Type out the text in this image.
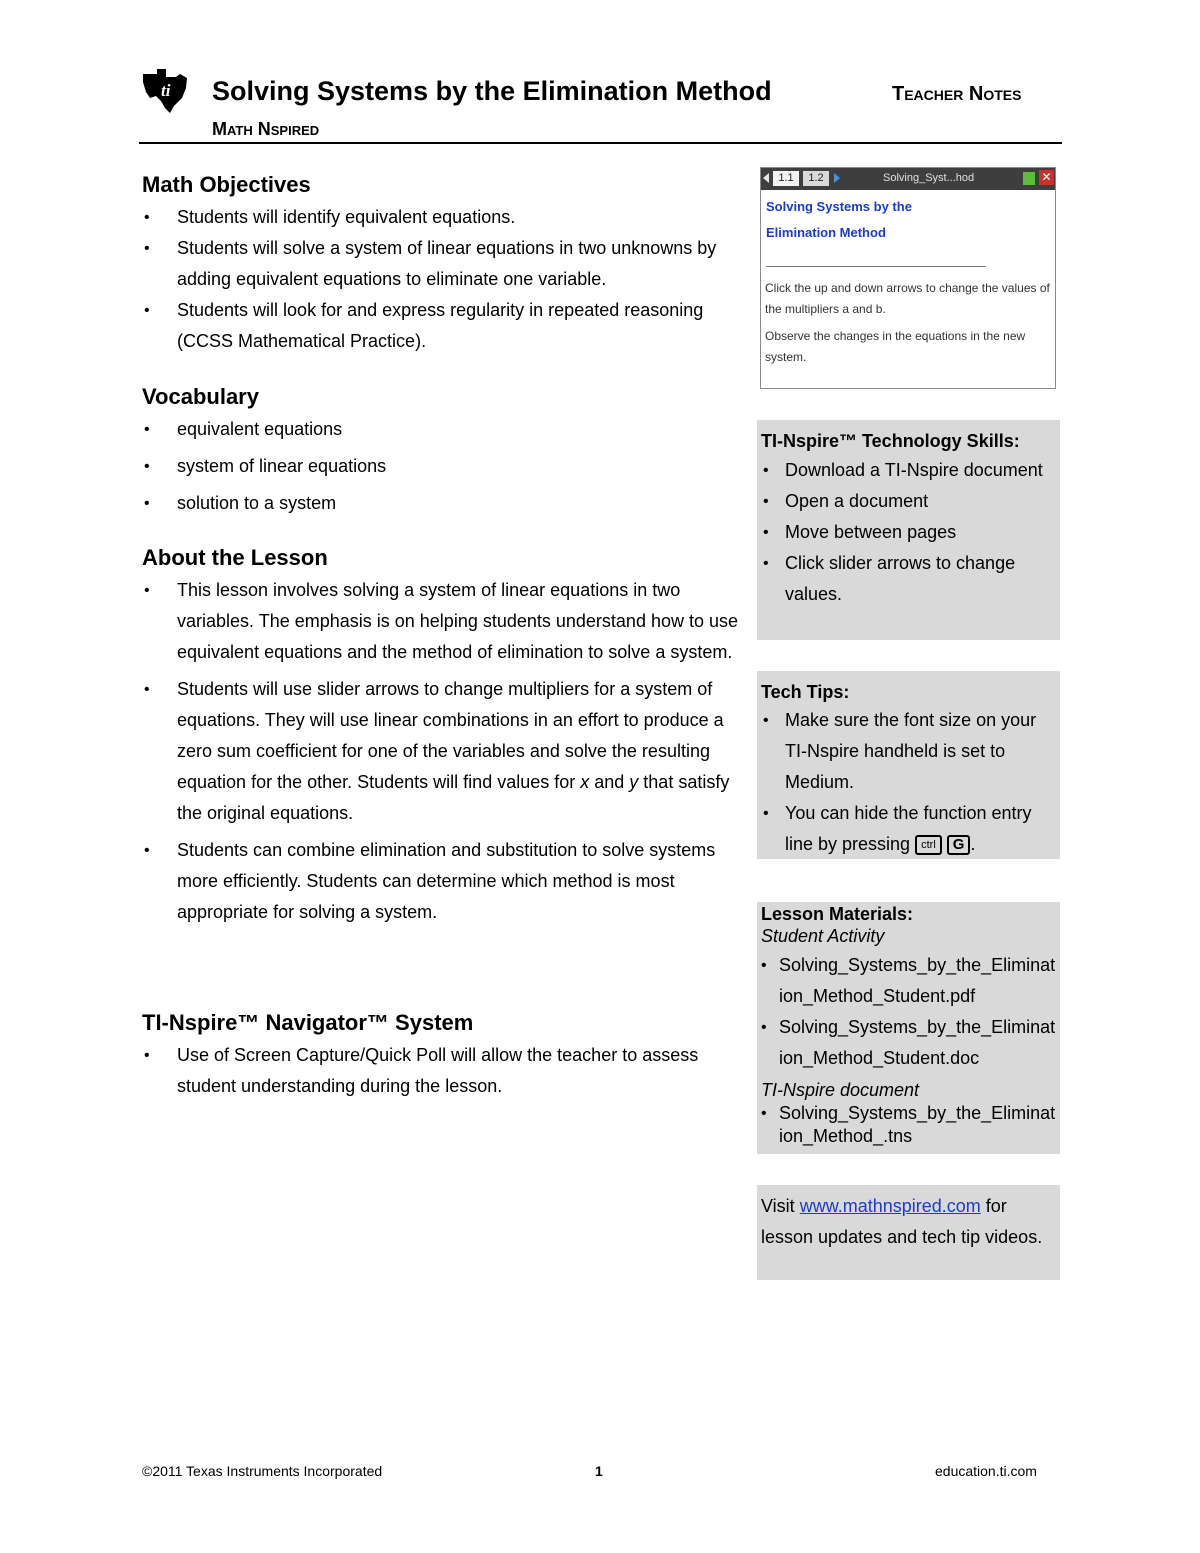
ti Solving Systems by the Elimination Method	Teacher Notes
Math Nspired
Math Objectives
• Students will identify equivalent equations.
• Students will solve a system of linear equations in two unknowns by adding equivalent equations to eliminate one variable.
• Students will look for and express regularity in repeated reasoning (CCSS Mathematical Practice).
Vocabulary
• equivalent equations
• system of linear equations
• solution to a system
About the Lesson
• This lesson involves solving a system of linear equations in two variables. The emphasis is on helping students understand how to use equivalent equations and the method of elimination to solve a system.
• Students will use slider arrows to change multipliers for a system of equations. They will use linear combinations in an effort to produce a zero sum coefficient for one of the variables and solve the resulting equation for the other. Students will find values for x and y that satisfy the original equations.
• Students can combine elimination and substitution to solve systems more efficiently. Students can determine which method is most appropriate for solving a system.
TI-Nspire™ Navigator™ System
• Use of Screen Capture/Quick Poll will allow the teacher to assess student understanding during the lesson.
1.1	1.2	Solving_Syst...hod	✕
Solving Systems by the
Elimination Method
Click the up and down arrows to change the values of the multipliers a and b.
Observe the changes in the equations in the new system.
TI-Nspire™ Technology Skills:
• Download a TI-Nspire document
• Open a document
• Move between pages
• Click slider arrows to change values.
Tech Tips:
• Make sure the font size on your TI-Nspire handheld is set to Medium.
• You can hide the function entry line by pressing ctrl G .
Lesson Materials:
Student Activity
• Solving_Systems_by_the_Elimination_Method_Student.pdf
• Solving_Systems_by_the_Elimination_Method_Student.doc
TI-Nspire document
• Solving_Systems_by_the_Elimination_Method_.tns

Visit www.mathnspired.com for lesson updates and tech tip videos.

©2011 Texas Instruments Incorporated	1	education.ti.com
